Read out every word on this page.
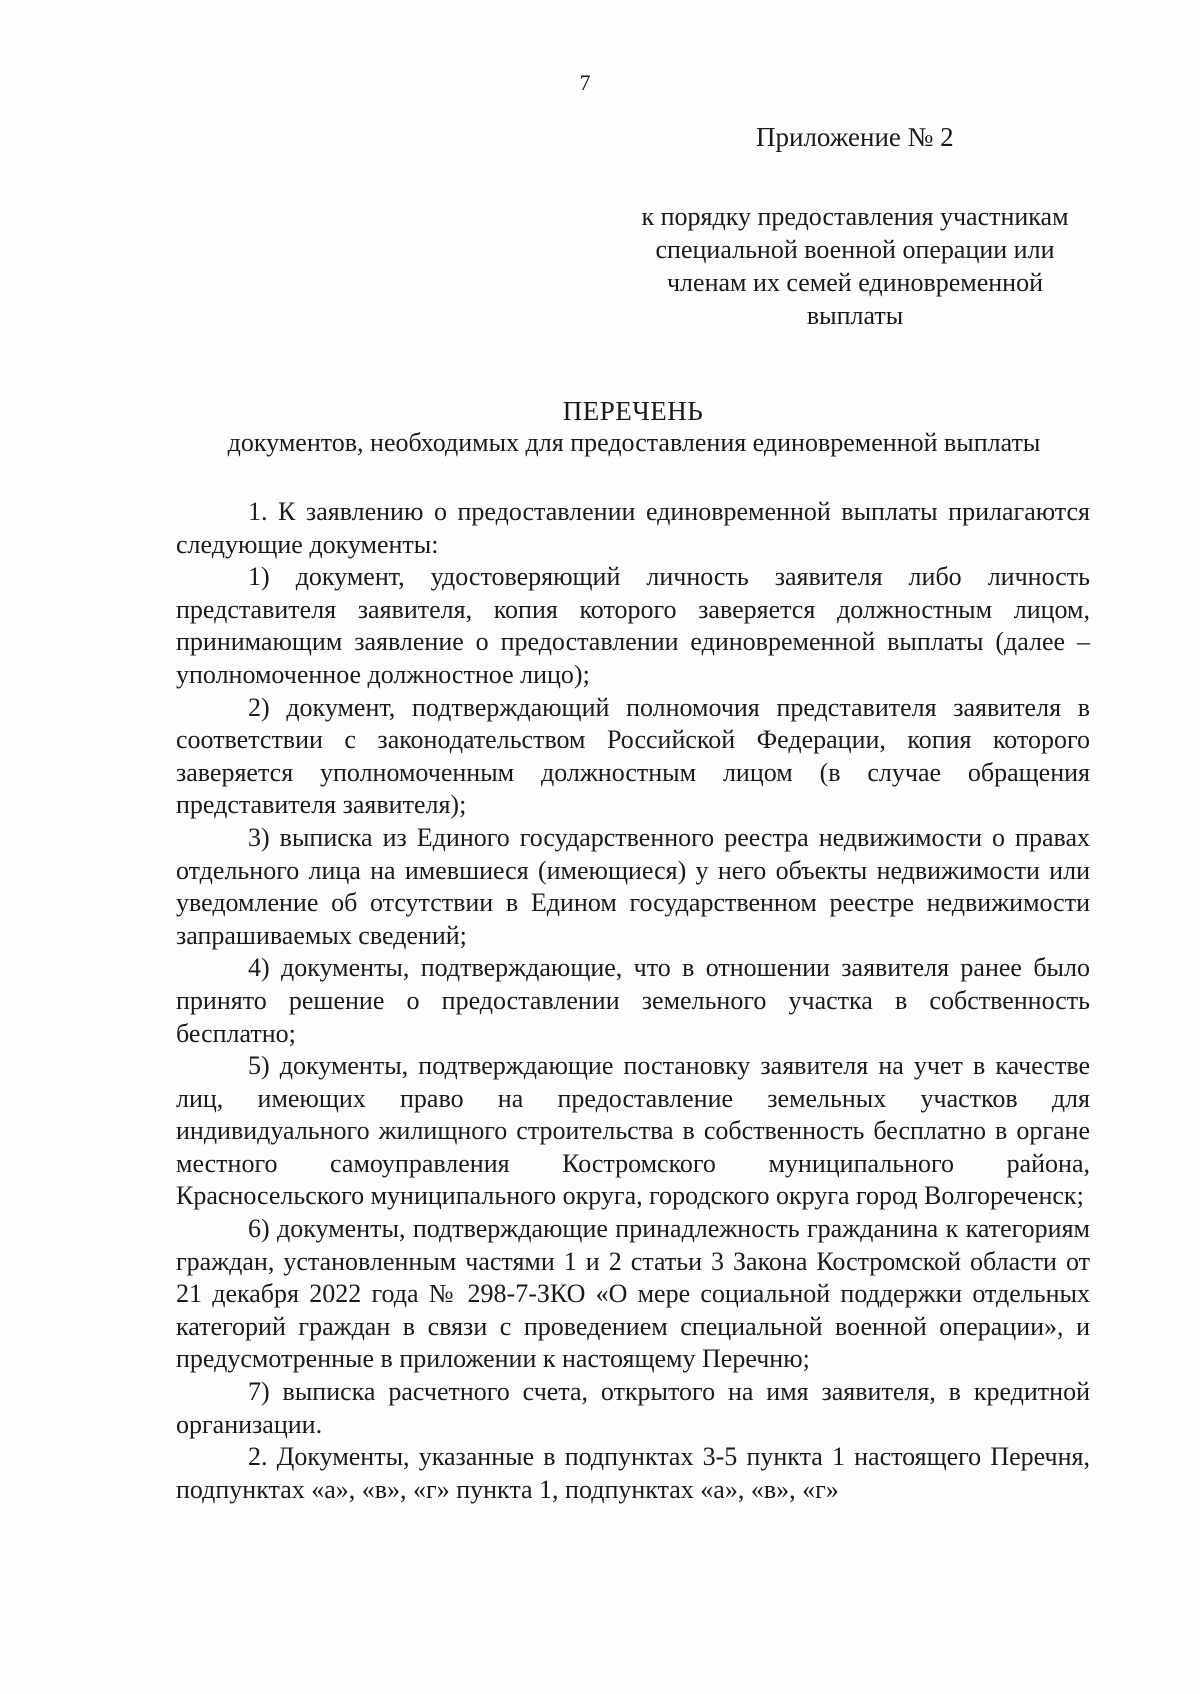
7
Приложение № 2
к порядку предоставления участникам специальной военной операции или членам их семей единовременной выплаты
ПЕРЕЧЕНЬ
документов, необходимых для предоставления единовременной выплаты

1. К заявлению о предоставлении единовременной выплаты прилагаются следующие документы:

1) документ, удостоверяющий личность заявителя либо личность представителя заявителя, копия которого заверяется должностным лицом, принимающим заявление о предоставлении единовременной выплаты (далее – уполномоченное должностное лицо);

2) документ, подтверждающий полномочия представителя заявителя в соответствии с законодательством Российской Федерации, копия которого заверяется уполномоченным должностным лицом (в случае обращения представителя заявителя);

3) выписка из Единого государственного реестра недвижимости о правах отдельного лица на имевшиеся (имеющиеся) у него объекты недвижимости или уведомление об отсутствии в Едином государственном реестре недвижимости запрашиваемых сведений;

4) документы, подтверждающие, что в отношении заявителя ранее было принято решение о предоставлении земельного участка в собственность бесплатно;

5) документы, подтверждающие постановку заявителя на учет в качестве лиц, имеющих право на предоставление земельных участков для индивидуального жилищного строительства в собственность бесплатно в органе местного самоуправления Костромского муниципального района, Красносельского муниципального округа, городского округа город Волгореченск;

6) документы, подтверждающие принадлежность гражданина к категориям граждан, установленным частями 1 и 2 статьи 3 Закона Костромской области от 21 декабря 2022 года № 298-7-ЗКО «О мере социальной поддержки отдельных категорий граждан в связи с проведением специальной военной операции», и предусмотренные в приложении к настоящему Перечню;

7) выписка расчетного счета, открытого на имя заявителя, в кредитной организации.

2. Документы, указанные в подпунктах 3-5 пункта 1 настоящего Перечня, подпунктах «а», «в», «г» пункта 1, подпунктах «а», «в», «г»
